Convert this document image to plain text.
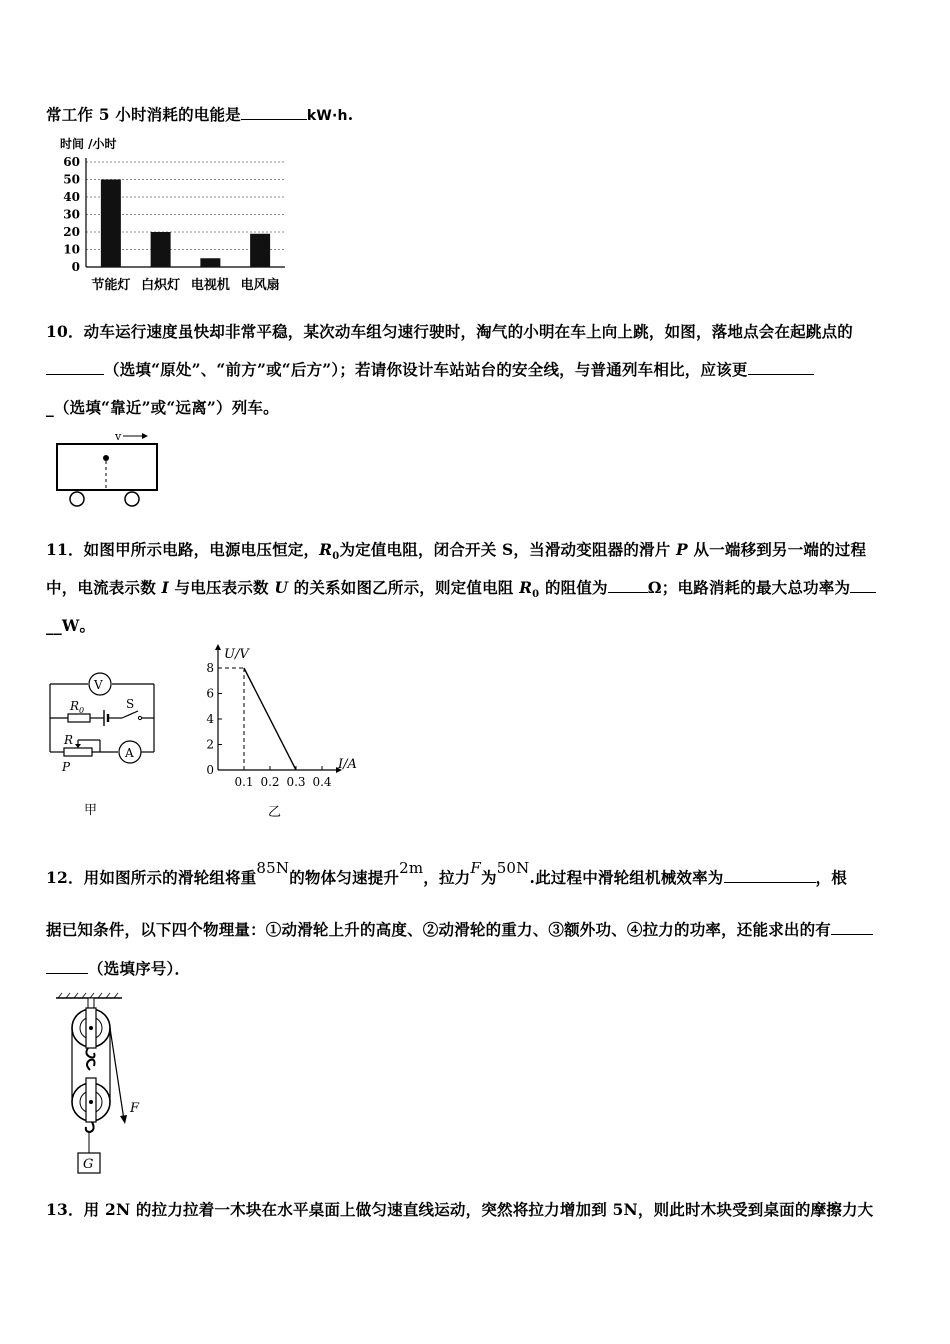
常工作 5 小时消耗的电能是	kW·h.
时间 /小时
60
50
40
30
20
10
0
节能灯 白炽灯 电视机 电风扇
10．动车运行速度虽快却非常平稳，某次动车组匀速行驶时，淘气的小明在车上向上跳，如图，落地点会在起跳点的
（选填“原处”、“前方”或“后方”）；若请你设计车站站台的安全线，与普通列车相比，应该更
_（选填“靠近”或“远离”）列车。
v
11．如图甲所示电路，电源电压恒定，$R_0$为定值电阻，闭合开关 S，当滑动变阻器的滑片 P 从一端移到另一端的过程
中，电流表示数 I 与电压表示数 U 的关系如图乙所示，则定值电阻 $R_0$ 的阻值为	Ω；电路消耗的最大总功率为
__W。
V
$R_0$	S
A
R
P
甲
U/V
I/A
8
6
4
2
0
0.1 0.2 0.3 0.4
乙
12．用如图所示的滑轮组将重85N的物体匀速提升2m，拉力F为50N.此过程中滑轮组机械效率为	，根
据已知条件，以下四个物理量：①动滑轮上升的高度、②动滑轮的重力、③额外功、④拉力的功率，还能求出的有
（选填序号）．
F
G
13．用 2N 的拉力拉着一木块在水平桌面上做匀速直线运动，突然将拉力增加到 5N，则此时木块受到桌面的摩擦力大
